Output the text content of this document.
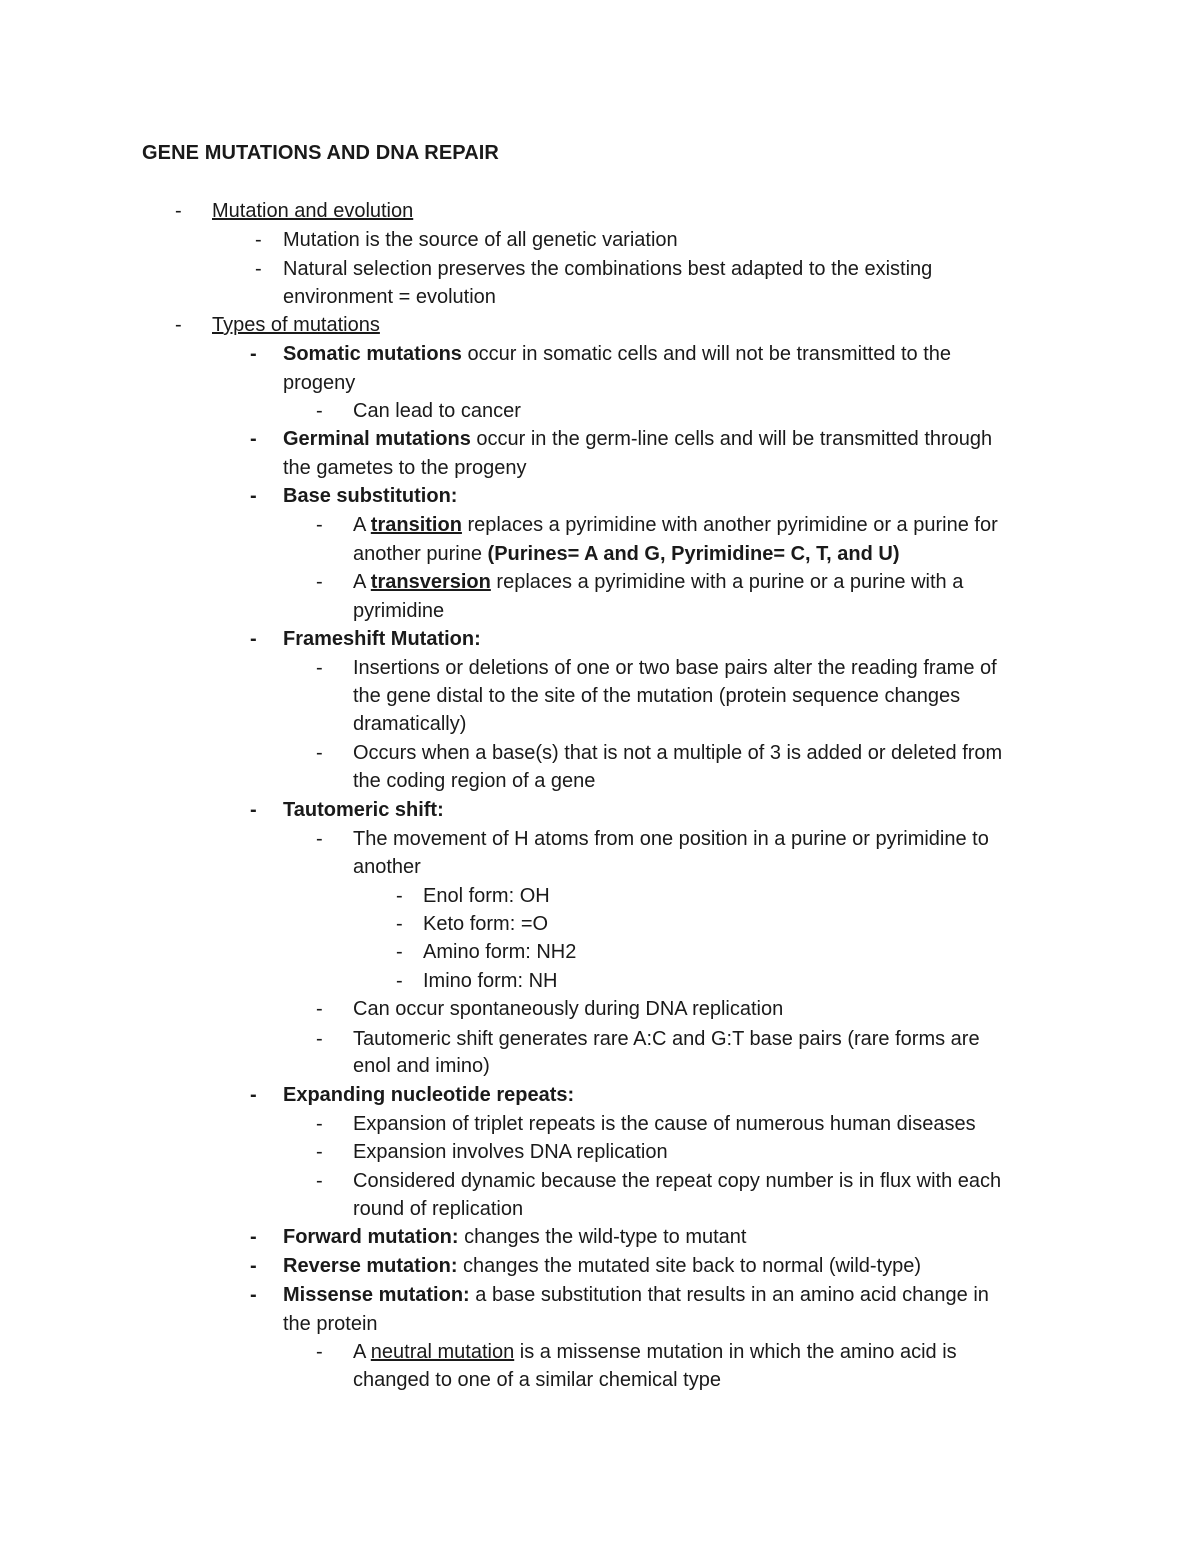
GENE MUTATIONS AND DNA REPAIR
- Mutation and evolution
- Mutation is the source of all genetic variation
- Natural selection preserves the combinations best adapted to the existing
environment = evolution
- Types of mutations
- Somatic mutations occur in somatic cells and will not be transmitted to the
progeny
- Can lead to cancer
- Germinal mutations occur in the germ-line cells and will be transmitted through
the gametes to the progeny
- Base substitution:
- A transition replaces a pyrimidine with another pyrimidine or a purine for
another purine (Purines= A and G, Pyrimidine= C, T, and U)
- A transversion replaces a pyrimidine with a purine or a purine with a
pyrimidine
- Frameshift Mutation:
- Insertions or deletions of one or two base pairs alter the reading frame of
the gene distal to the site of the mutation (protein sequence changes
dramatically)
- Occurs when a base(s) that is not a multiple of 3 is added or deleted from
the coding region of a gene
- Tautomeric shift:
- The movement of H atoms from one position in a purine or pyrimidine to
another
- Enol form: OH
- Keto form: =O
- Amino form: NH2
- Imino form: NH
- Can occur spontaneously during DNA replication
- Tautomeric shift generates rare A:C and G:T base pairs (rare forms are
enol and imino)
- Expanding nucleotide repeats:
- Expansion of triplet repeats is the cause of numerous human diseases
- Expansion involves DNA replication
- Considered dynamic because the repeat copy number is in flux with each
round of replication
- Forward mutation: changes the wild-type to mutant
- Reverse mutation: changes the mutated site back to normal (wild-type)
- Missense mutation: a base substitution that results in an amino acid change in
the protein
- A neutral mutation is a missense mutation in which the amino acid is
changed to one of a similar chemical type
